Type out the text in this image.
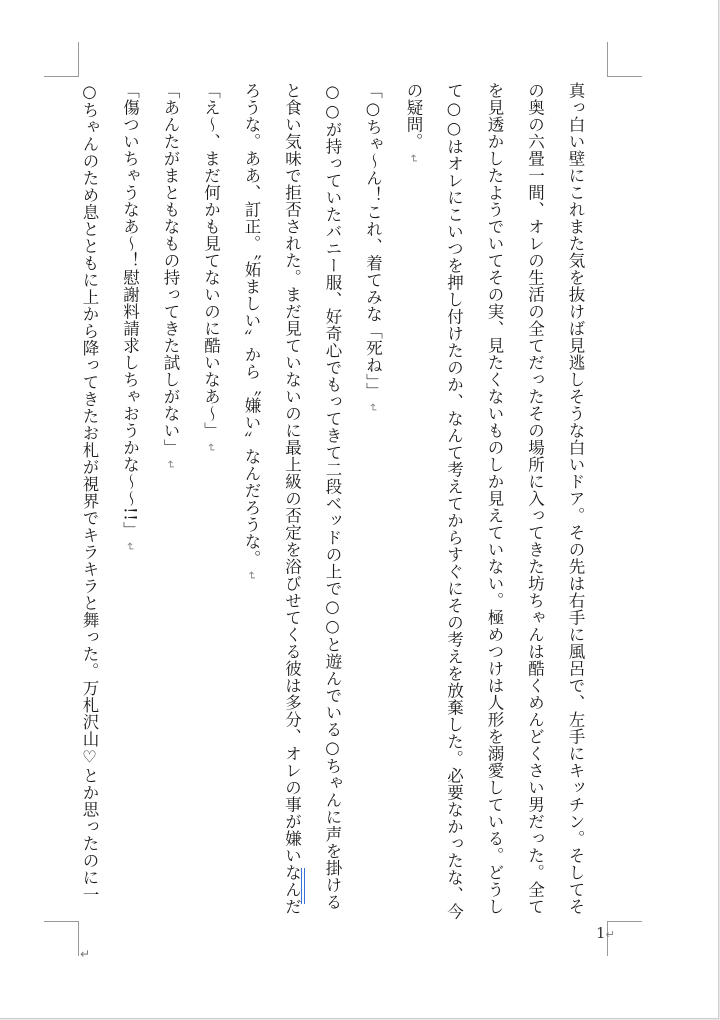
真っ白い壁にこれまた気を抜けば見逃しそうな白いドア。その先は右手に風呂で、左手にキッチン。そしてその奥の六畳一間、オレの生活の全てだったその場所に入ってきた坊ちゃんは酷くめんどくさい男だった。全てを見透かしたようでいてその実、見たくないものしか見えていない。極めつけは人形を溺愛している。どうして○○はオレにこいつを押し付けたのか、なんて考えてからすぐにその考えを放棄した。必要なかったな、今の疑問。↵

「○ちゃ～ん！これ、着てみな「死ね」」↵

○○が持っていたバニー服、好奇心でもってきて二段ベッドの上で○○と遊んでいる○ちゃんに声を掛けると食い気味で拒否された。まだ見ていないのに最上級の否定を浴びせてくる彼は多分、オレの事が嫌いなんだろうな。ああ、訂正。〝妬ましい〞から〝嫌い〞なんだろうな。↵

「え～、まだ何かも見てないのに酷いなあ～」↵

「あんたがまともなもの持ってきた試しがない」↵

「傷ついちゃうなあ～！慰謝料請求しちゃおうかな～～!!」↵

○ちゃんのため息とともに上から降ってきたお札が視界でキラキラと舞った。万札沢山♡とか思ったのに一

1↵
↵
